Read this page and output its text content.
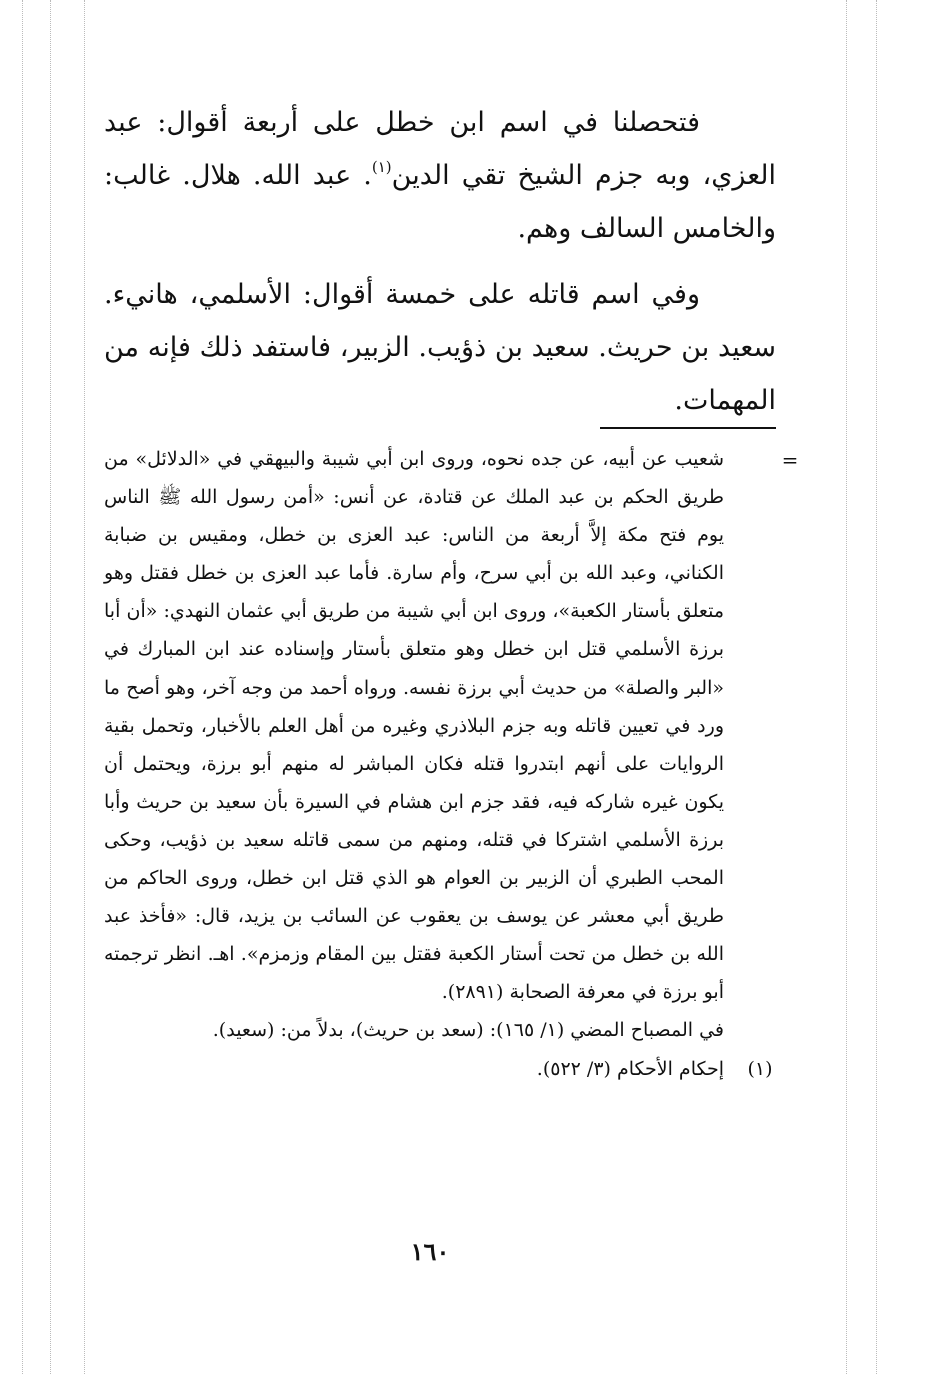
فتحصلنا في اسم ابن خطل على أربعة أقوال: عبد العزي، وبه جزم الشيخ تقي الدين$^{(١)}$. عبد الله. هلال. غالب: والخامس السالف وهم.

وفي اسم قاتله على خمسة أقوال: الأسلمي، هانيء. سعيد بن حريث. سعيد بن ذؤيب. الزبير، فاستفد ذلك فإنه من المهمات.

=

شعيب عن أبيه، عن جده نحوه، وروى ابن أبي شيبة والبيهقي في «الدلائل» من طريق الحكم بن عبد الملك عن قتادة، عن أنس: «أمن رسول الله ﷺ الناس يوم فتح مكة إلاَّ أربعة من الناس: عبد العزى بن خطل، ومقيس بن ضبابة الكناني، وعبد الله بن أبي سرح، وأم سارة. فأما عبد العزى بن خطل فقتل وهو متعلق بأستار الكعبة»، وروى ابن أبي شيبة من طريق أبي عثمان النهدي: «أن أبا برزة الأسلمي قتل ابن خطل وهو متعلق بأستار وإسناده عند ابن المبارك في «البر والصلة» من حديث أبي برزة نفسه. ورواه أحمد من وجه آخر، وهو أصح ما ورد في تعيين قاتله وبه جزم البلاذري وغيره من أهل العلم بالأخبار، وتحمل بقية الروايات على أنهم ابتدروا قتله فكان المباشر له منهم أبو برزة، ويحتمل أن يكون غيره شاركه فيه، فقد جزم ابن هشام في السيرة بأن سعيد بن حريث وأبا برزة الأسلمي اشتركا في قتله، ومنهم من سمى قاتله سعيد بن ذؤيب، وحكى المحب الطبري أن الزبير بن العوام هو الذي قتل ابن خطل، وروى الحاكم من طريق أبي معشر عن يوسف بن يعقوب عن السائب بن يزيد، قال: «فأخذ عبد الله بن خطل من تحت أستار الكعبة فقتل بين المقام وزمزم». اهـ. انظر ترجمته أبو برزة في معرفة الصحابة (٢٨٩١).

في المصباح المضي (١/ ١٦٥): (سعد بن حريث)، بدلاً من: (سعيد).

(١)
إحكام الأحكام (٣/ ٥٢٢).

١٦٠
